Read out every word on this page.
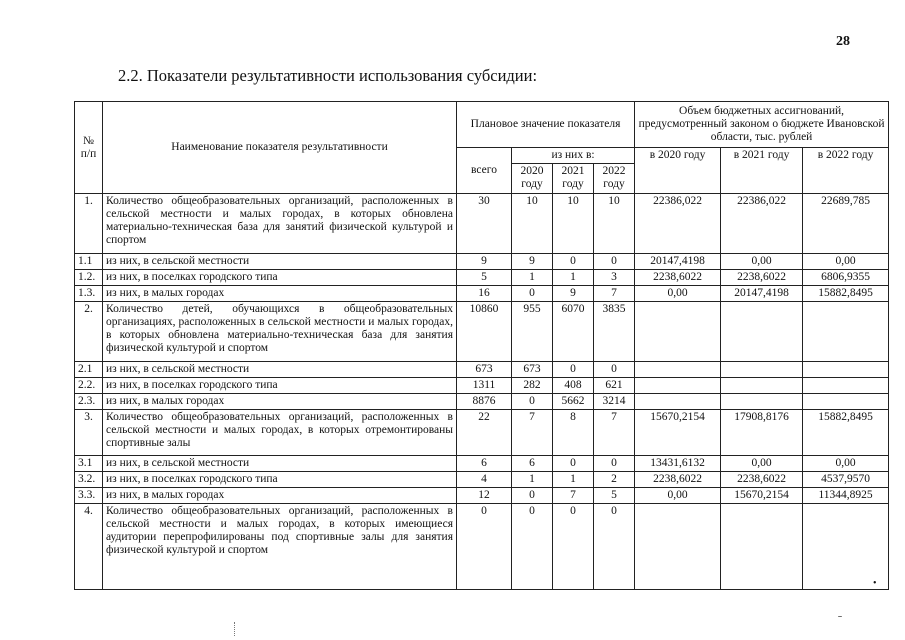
28
2.2. Показатели результативности использования субсидии:
№
п/п	Наименование показателя результативности	Плановое значение показателя				Объем бюджетных ассигнований, предусмотренный законом о бюджете Ивановской области, тыс. рублей		
		всего	из них в:			в 2020 году	в 2021 году	в 2022 году
			2020 году	2021 году	2022 году			
1.	Количество общеобразовательных организаций, расположенных в сельской местности и малых городах, в которых обновлена материально-техническая база для занятий физической культурой и спортом	30	10	10	10	22386,022	22386,022	22689,785
1.1	из них, в сельской местности	9	9	0	0	20147,4198	0,00	0,00
1.2.	из них, в поселках городского типа	5	1	1	3	2238,6022	2238,6022	6806,9355
1.3.	из них, в малых городах	16	0	9	7	0,00	20147,4198	15882,8495
2.	Количество детей, обучающихся в общеобразовательных организациях, расположенных в сельской местности и малых городах, в которых обновлена материально-техническая база для занятия физической культурой и спортом	10860	955	6070	3835			
2.1	из них, в сельской местности	673	673	0	0			
2.2.	из них, в поселках городского типа	1311	282	408	621			
2.3.	из них, в малых городах	8876	0	5662	3214			
3.	Количество общеобразовательных организаций, расположенных в сельской местности и малых городах, в которых отремонтированы спортивные залы	22	7	8	7	15670,2154	17908,8176	15882,8495
3.1	из них, в сельской местности	6	6	0	0	13431,6132	0,00	0,00
3.2.	из них, в поселках городского типа	4	1	1	2	2238,6022	2238,6022	4537,9570
3.3.	из них, в малых городах	12	0	7	5	0,00	15670,2154	11344,8925
4.	Количество общеобразовательных организаций, расположенных в сельской местности и малых городах, в которых имеющиеся аудитории перепрофилированы под спортивные залы для занятия физической культурой и спортом	0	0	0	0			
•
ˉ
